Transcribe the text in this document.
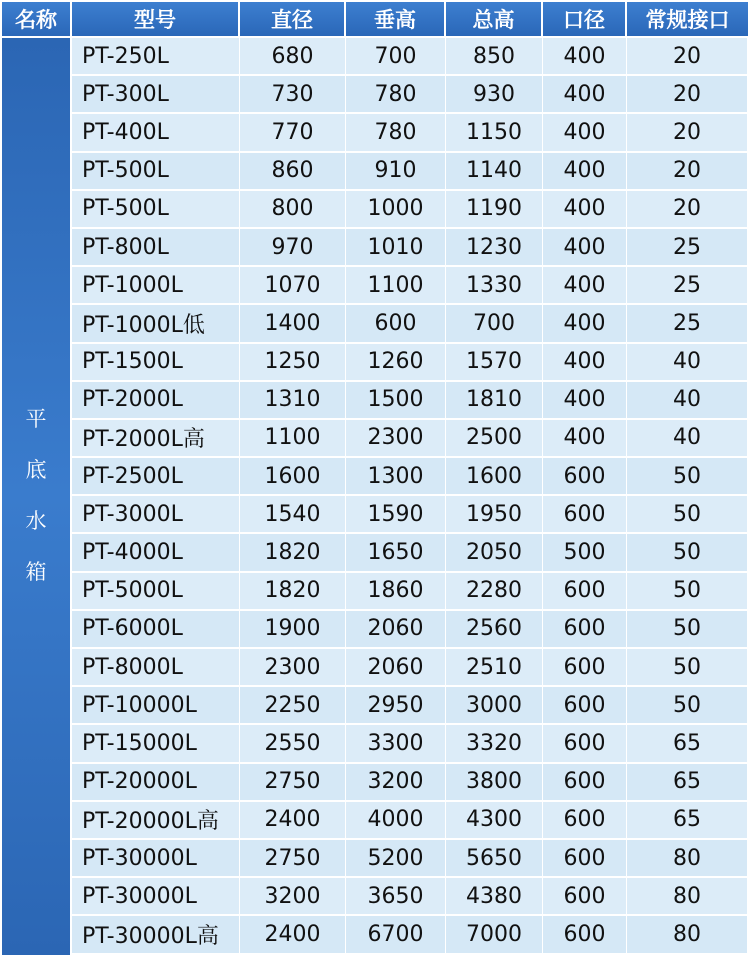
名称	型号	直径	垂高	总高	口径	常规接口
平底水箱	PT-250L	680	700	850	400	20
	PT-300L	730	780	930	400	20
	PT-400L	770	780	1150	400	20
	PT-500L	860	910	1140	400	20
	PT-500L	800	1000	1190	400	20
	PT-800L	970	1010	1230	400	25
	PT-1000L	1070	1100	1330	400	25
	PT-1000L低	1400	600	700	400	25
	PT-1500L	1250	1260	1570	400	40
	PT-2000L	1310	1500	1810	400	40
	PT-2000L高	1100	2300	2500	400	40
	PT-2500L	1600	1300	1600	600	50
	PT-3000L	1540	1590	1950	600	50
	PT-4000L	1820	1650	2050	500	50
	PT-5000L	1820	1860	2280	600	50
	PT-6000L	1900	2060	2560	600	50
	PT-8000L	2300	2060	2510	600	50
	PT-10000L	2250	2950	3000	600	50
	PT-15000L	2550	3300	3320	600	65
	PT-20000L	2750	3200	3800	600	65
	PT-20000L高	2400	4000	4300	600	65
	PT-30000L	2750	5200	5650	600	80
	PT-30000L	3200	3650	4380	600	80
	PT-30000L高	2400	6700	7000	600	80
